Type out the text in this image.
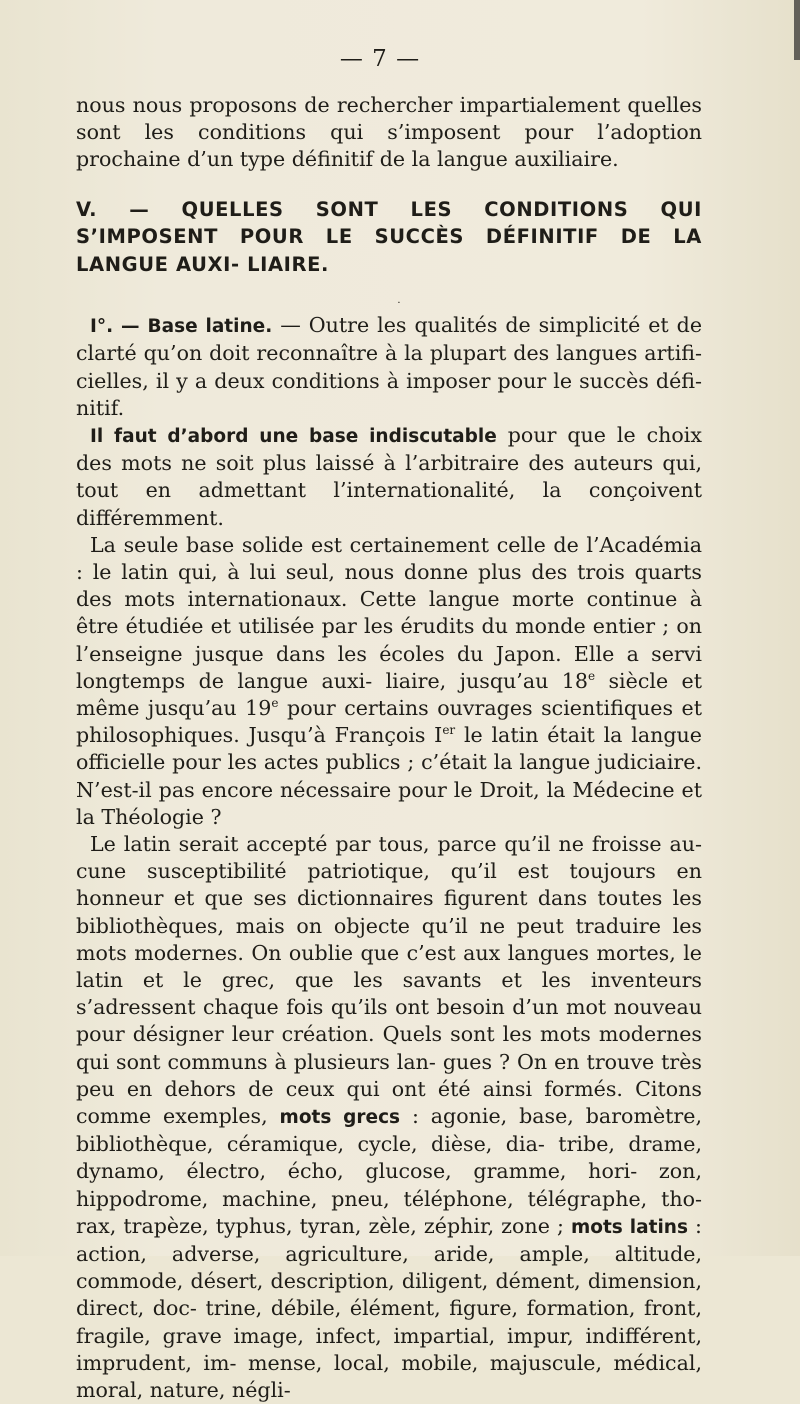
— 7 —

nous nous proposons de rechercher impartialement quelles sont les conditions qui s’imposent pour l’adoption prochaine d’un type définitif de la langue auxiliaire.

V. — QUELLES SONT LES CONDITIONS QUI S’IMPOSENT POUR LE SUCCÈS DÉFINITIF DE LA LANGUE AUXI- LIAIRE.
·

I°. — Base latine. — Outre les qualités de simplicité et de clarté qu’on doit reconnaître à la plupart des langues artifi- cielles, il y a deux conditions à imposer pour le succès défi- nitif.

Il faut d’abord une base indiscutable pour que le choix des mots ne soit plus laissé à l’arbitraire des auteurs qui, tout en admettant l’internationalité, la conçoivent différemment.

La seule base solide est certainement celle de l’Académia : le latin qui, à lui seul, nous donne plus des trois quarts des mots internationaux. Cette langue morte continue à être étudiée et utilisée par les érudits du monde entier ; on l’enseigne jusque dans les écoles du Japon. Elle a servi longtemps de langue auxi- liaire, jusqu’au 18e siècle et même jusqu’au 19e pour certains ouvrages scientifiques et philosophiques. Jusqu’à François Ier le latin était la langue officielle pour les actes publics ; c’était la langue judiciaire. N’est-il pas encore nécessaire pour le Droit, la Médecine et la Théologie ?

Le latin serait accepté par tous, parce qu’il ne froisse au- cune susceptibilité patriotique, qu’il est toujours en honneur et que ses dictionnaires figurent dans toutes les bibliothèques, mais on objecte qu’il ne peut traduire les mots modernes. On oublie que c’est aux langues mortes, le latin et le grec, que les savants et les inventeurs s’adressent chaque fois qu’ils ont besoin d’un mot nouveau pour désigner leur création. Quels sont les mots modernes qui sont communs à plusieurs lan- gues ? On en trouve très peu en dehors de ceux qui ont été ainsi formés. Citons comme exemples, mots grecs : agonie, base, baromètre, bibliothèque, céramique, cycle, dièse, dia- tribe, drame, dynamo, électro, écho, glucose, gramme, hori- zon, hippodrome, machine, pneu, téléphone, télégraphe, tho- rax, trapèze, typhus, tyran, zèle, zéphir, zone ; mots latins : action, adverse, agriculture, aride, ample, altitude, commode, désert, description, diligent, dément, dimension, direct, doc- trine, débile, élément, figure, formation, front, fragile, grave image, infect, impartial, impur, indifférent, imprudent, im- mense, local, mobile, majuscule, médical, moral, nature, négli-
